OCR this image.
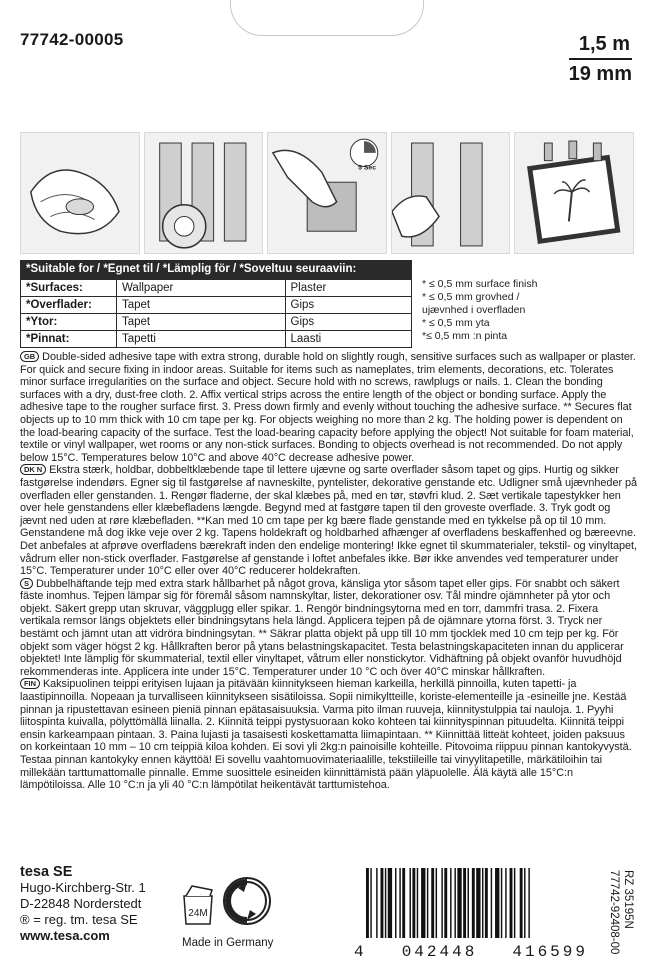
77742-00005	1,5 m
19 mm
5 Sec
*Suitable for / *Egnet til / *Lämplig för / *Soveltuu seuraaviin:
*Surfaces:	Wallpaper	Plaster
*Overflader:	Tapet	Gips
*Ytor:	Tapet	Gips
*Pinnat:	Tapetti	Laasti
* ≤ 0,5 mm surface finish
* ≤ 0,5 mm grovhed /
ujævnhed i overfladen
* ≤ 0,5 mm yta
*≤ 0,5 mm :n pinta

GB Double-sided adhesive tape with extra strong, durable hold on slightly rough, sensitive surfaces such as wallpaper or plaster. For quick and secure fixing in indoor areas. Suitable for items such as nameplates, trim elements, decorations, etc. Tolerates minor surface irregularities on the surface and object. Secure hold with no screws, rawlplugs or nails. 1. Clean the bonding surfaces with a dry, dust-free cloth. 2. Affix vertical strips across the entire length of the object or bonding surface. Apply the adhesive tape to the rougher surface first. 3. Press down firmly and evenly without touching the adhesive surface. ** Secures flat objects up to 10 mm thick with 10 cm tape per kg. For objects weighing no more than 2 kg. The holding power is dependent on the load-bearing capacity of the surface. Test the load-bearing capacity before applying the object! Not suitable for foam material, textile or vinyl wallpaper, wet rooms or any non-stick surfaces. Bonding to objects overhead is not recommended. Do not apply below 15°C. Temperatures below 10°C and above 40°C decrease adhesive power.

DK N Ekstra stærk, holdbar, dobbeltklæbende tape til lettere ujævne og sarte overflader såsom tapet og gips. Hurtig og sikker fastgørelse indendørs. Egner sig til fastgørelse af navneskilte, pyntelister, dekorative genstande etc. Udligner små ujævnheder på overfladen eller genstanden. 1. Rengør fladerne, der skal klæbes på, med en tør, støvfri klud. 2. Sæt vertikale tapestykker hen over hele genstandens eller klæbefladens længde. Begynd med at fastgøre tapen til den groveste overflade. 3. Tryk godt og jævnt ned uden at røre klæbefladen. **Kan med 10 cm tape per kg bære flade genstande med en tykkelse på op til 10 mm. Genstandene må dog ikke veje over 2 kg. Tapens holdekraft og holdbarhed afhænger af overfladens beskaffenhed og bæreevne. Det anbefales at afprøve overfladens bærekraft inden den endelige montering! Ikke egnet til skummaterialer, tekstil- og vinyltapet, vådrum eller non-stick overflader. Fastgørelse af genstande i loftet anbefales ikke. Bør ikke anvendes ved temperaturer under 15°C. Temperaturer under 10°C eller over 40°C reducerer holdekraften.

S Dubbelhäftande tejp med extra stark hållbarhet på något grova, känsliga ytor såsom tapet eller gips. För snabbt och säkert fäste inomhus. Tejpen lämpar sig för föremål såsom namnskyltar, lister, dekorationer osv. Tål mindre ojämnheter på ytor och objekt. Säkert grepp utan skruvar, väggplugg eller spikar. 1. Rengör bindningsytorna med en torr, dammfri trasa. 2. Fixera vertikala remsor längs objektets eller bindningsytans hela längd. Applicera tejpen på de ojämnare ytorna först. 3. Tryck ner bestämt och jämnt utan att vidröra bindningsytan. ** Säkrar platta objekt på upp till 10 mm tjocklek med 10 cm tejp per kg. För objekt som väger högst 2 kg. Hållkraften beror på ytans belastningskapacitet. Testa belastningskapaciteten innan du applicerar objektet! Inte lämplig för skummaterial, textil eller vinyltapet, våtrum eller nonstickytor. Vidhäftning på objekt ovanför huvudhöjd rekommenderas inte. Applicera inte under 15°C. Temperaturer under 10 °C och över 40°C minskar hållkraften.

FIN Kaksipuolinen teippi erityisen lujaan ja pitävään kiinnitykseen hieman karkeilla, herkillä pinnoilla, kuten tapetti- ja laastipinnoilla. Nopeaan ja turvalliseen kiinnitykseen sisätiloissa. Sopii nimikyltteille, koriste-elementeille ja -esineille jne. Kestää pinnan ja ripustettavan esineen pieniä pinnan epätasaisuuksia. Varma pito ilman ruuveja, kiinnitystulppia tai nauloja. 1. Pyyhi liitospinta kuivalla, pölyttömällä liinalla. 2. Kiinnitä teippi pystysuoraan koko kohteen tai kiinnityspinnan pituudelta. Kiinnitä teippi ensin karkeampaan pintaan. 3. Paina lujasti ja tasaisesti koskettamatta liimapintaan. ** Kiinnittää litteät kohteet, joiden paksuus on korkeintaan 10 mm – 10 cm teippiä kiloa kohden. Ei sovi yli 2kg:n painoisille kohteille. Pitovoima riippuu pinnan kantokyvystä. Testaa pinnan kantokyky ennen käyttöä! Ei sovellu vaahtomuovimateriaalille, tekstiileille tai vinyylitapetille, märkätiloihin tai millekään tarttumattomalle pinnalle. Emme suosittele esineiden kiinnittämistä pään yläpuolelle. Älä käytä alle 15°C:n lämpötiloissa. Alle 10 °C:n ja yli 40 °C:n lämpötilat heikentävät tarttumistehoa.

tesa SE
Hugo-Kirchberg-Str. 1
D-22848 Norderstedt
® = reg. tm. tesa SE
www.tesa.com
24M
Made in Germany	4 042448 416599 77742-92408-00 RZ 35195N
